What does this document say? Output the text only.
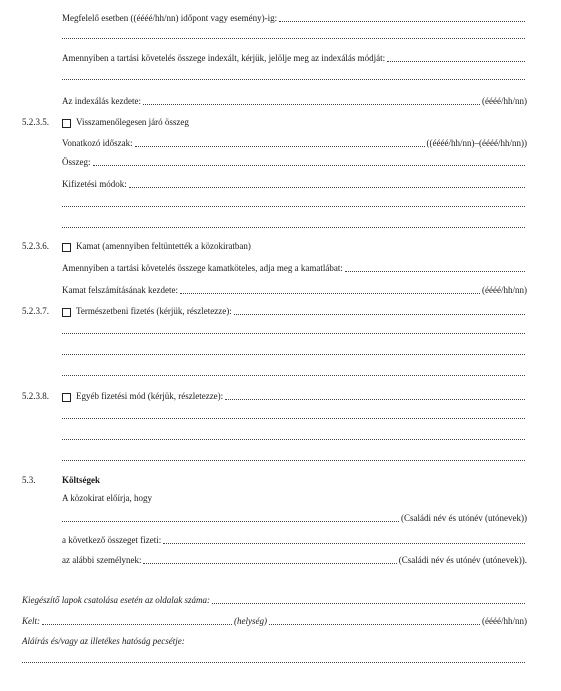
Megfelelő esetben ((éééé/hh/nn) időpont vagy esemény)-ig:
Amennyiben a tartási követelés összege indexált, kérjük, jelölje meg az indexálás módját:
Az indexálás kezdete:	(éééé/hh/nn)
5.2.3.5.	Visszamenőlegesen járó összeg
Vonatkozó időszak:	((éééé/hh/nn)–(éééé/hh/nn))
Összeg:
Kifizetési módok:
5.2.3.6.	Kamat (amennyiben feltüntették a közokiratban)
Amennyiben a tartási követelés összege kamatköteles, adja meg a kamatlábat:
Kamat felszámításának kezdete:	(éééé/hh/nn)
5.2.3.7.	Természetbeni fizetés (kérjük, részletezze):
5.2.3.8.	Egyéb fizetési mód (kérjük, részletezze):
5.3.	Költségek
A közokirat előírja, hogy
(Családi név és utónév (utónevek))
a következő összeget fizeti:
az alábbi személynek:	(Családi név és utónév (utónevek)).
Kiegészítő lapok csatolása esetén az oldalak száma:
Kelt:	(helység)	(éééé/hh/nn)
Aláírás és/vagy az illetékes hatóság pecsétje:
